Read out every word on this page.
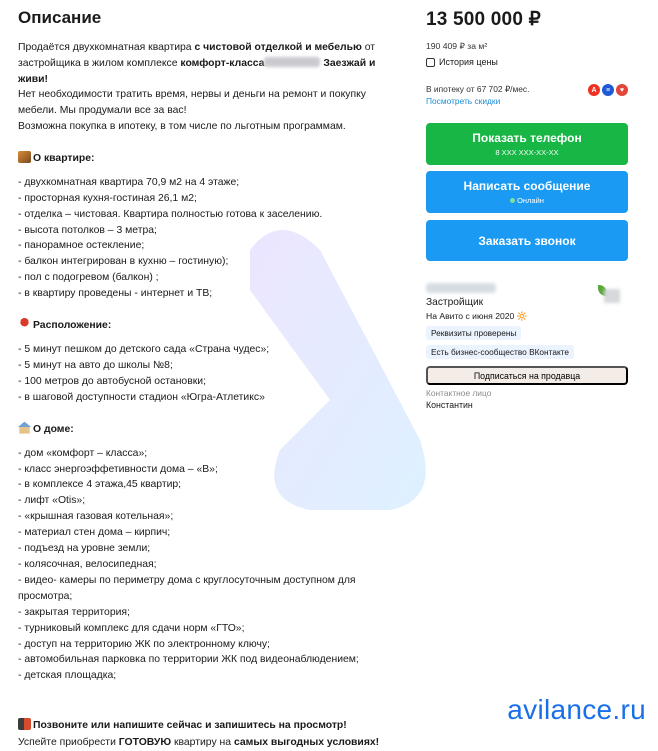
Описание
Продаётся двухкомнатная квартира с чистовой отделкой и мебелью от застройщика в жилом комплексе комфорт-класса	Заезжай и живи!
Нет необходимости тратить время, нервы и деньги на ремонт и покупку мебели. Мы продумали все за вас!
Возможна покупка в ипотеку, в том числе по льготным программам.
О квартире:
- двухкомнатная квартира 70,9 м2 на 4 этаже;
- просторная кухня-гостиная 26,1 м2;
- отделка – чистовая. Квартира полностью готова к заселению.
- высота потолков – 3 метра;
- панорамное остекление;
- балкон интегрирован в кухню – гостиную);
- пол с подогревом (балкон) ;
- в квартиру проведены - интернет и ТВ;
Расположение:
- 5 минут пешком до детского сада «Страна чудес»;
- 5 минут на авто до школы №8;
- 100 метров до автобусной остановки;
- в шаговой доступности стадион «Югра-Атлетикс»
О доме:
- дом «комфорт – класса»;
- класс энергоэффетивности дома – «В»;
- в комплексе 4 этажа,45 квартир;
- лифт «Otis»;
- «крышная газовая котельная»;
- материал стен дома – кирпич;
- подъезд на уровне земли;
- колясочная, велосипедная;
- видео- камеры по периметру дома с круглосуточным доступном для просмотра;
- закрытая территория;
- турниковый комплекс для сдачи норм «ГТО»;
- доступ на территорию ЖК по электронному ключу;
- автомобильная парковка по территории ЖК под видеонаблюдением;
- детская площадка;
Позвоните или напишите сейчас и запишитесь на просмотр!
Успейте приобрести ГОТОВУЮ квартиру на самых выгодных условиях!
13 500 000 ₽
190 409 ₽ за м²
История цены
В ипотеку от 67 702 ₽/мес.
Посмотреть скидки
A	≡	♥
Показать телефон
8 XXX XXX-XX-XX
Написать сообщение
Онлайн
Заказать звонок
Застройщик
На Авито с июня 2020 🔆
Реквизиты проверены
Есть бизнес-сообщество ВКонтакте
Подписаться на продавца
Контактное лицо
Константин
avilance.ru
